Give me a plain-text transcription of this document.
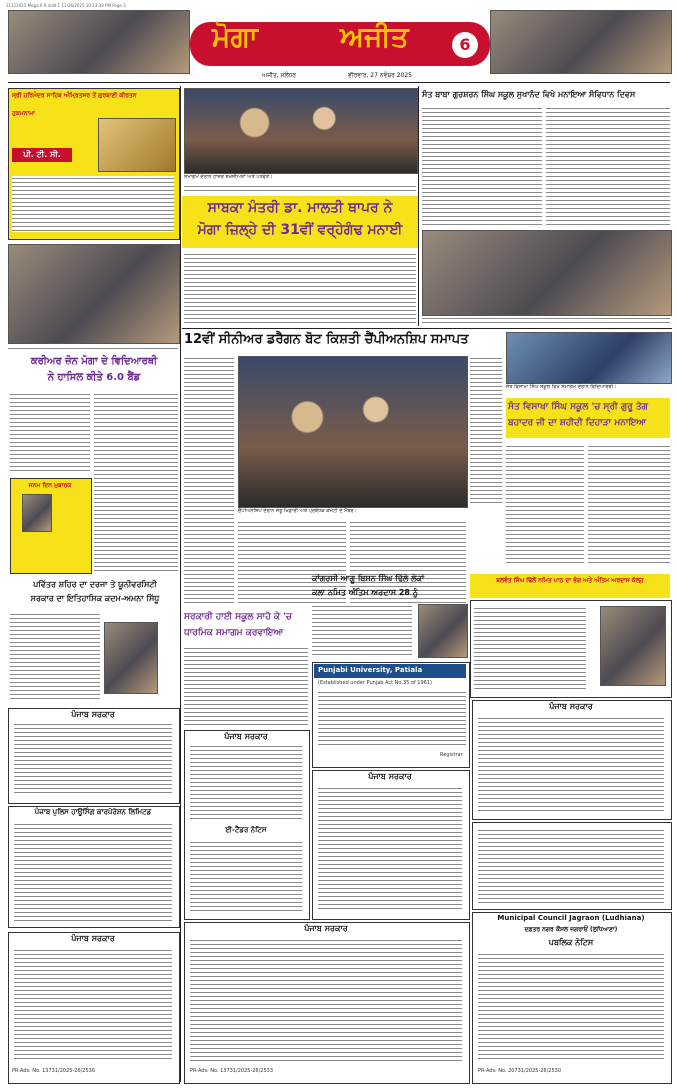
31112025 Moga-6 R.indd 1 11/26/2025 10:13:38 PM Page 3
ਮੋਗਾ	ਅਜੀਤ	6
ਅਜੀਤ, ਜਲੰਧਰ	ਵੀਰਵਾਰ, 27 ਨਵੰਬਰ 2025
ਸ੍ਰੀ ਹਰਿਮੰਦਰ ਸਾਹਿਬ ਅੰਮ੍ਰਿਤਸਰ ਤੋਂ ਗੁਰਬਾਣੀ ਕੀਰਤਨ
ਹੁਕਮਨਾਮਾ
ਪੀ. ਟੀ. ਸੀ.
ਕਰੀਅਰ ਜ਼ੋਨ ਮੋਗਾ ਦੇ ਵਿਦਿਆਰਥੀ
ਨੇ ਹਾਸਿਲ ਕੀਤੇ 6.0 ਬੈਂਡ
ਜਨਮ ਦਿਨ ਮੁਬਾਰਕ
ਪਵਿੱਤਰ ਸ਼ਹਿਰ ਦਾ ਦਰਜਾ ਤੇ ਯੂਨੀਵਰਸਿਟੀ
ਸਰਕਾਰ ਦਾ ਇਤਿਹਾਸਿਕ ਕਦਮ-ਅਮਨਾ ਸਿੱਧੂ
ਪੰਜਾਬ ਸਰਕਾਰ
ਪੰਜਾਬ ਪੁਲਿਸ ਹਾਊਸਿੰਗ ਕਾਰਪੋਰੇਸ਼ਨ ਲਿਮਿਟਡ
ਪੰਜਾਬ ਸਰਕਾਰ
PR-Adv. No. 13731/2025-26/2536
ਸਮਾਗਮ ਦੌਰਾਨ ਹਾਜ਼ਰ ਸ਼ਖ਼ਸੀਅਤਾਂ ਅਤੇ ਪਤਵੰਤੇ।
ਸਾਬਕਾ ਮੰਤਰੀ ਡਾ. ਮਾਲਤੀ ਥਾਪਰ ਨੇ
ਮੋਗਾ ਜ਼ਿਲ੍ਹੇ ਦੀ 31ਵੀਂ ਵਰ੍ਹੇਗੰਢ ਮਨਾਈ
ਸੰਤ ਬਾਬਾ ਗੁਰਸ਼ਰਨ ਸਿੰਘ ਸਕੂਲ ਸੁਖਾਨੰਦ ਵਿਖੇ ਮਨਾਇਆ ਸੰਵਿਧਾਨ ਦਿਵਸ
12ਵੀਂ ਸੀਨੀਅਰ ਡਰੈਗਨ ਬੋਟ ਕਿਸ਼ਤੀ ਚੈਂਪੀਅਨਸ਼ਿਪ ਸਮਾਪਤ
ਚੈਂਪੀਅਨਸ਼ਿਪ ਦੌਰਾਨ ਜੇਤੂ ਖਿਡਾਰੀ ਅਤੇ ਪ੍ਰਬੰਧਕ ਕਮੇਟੀ ਦੇ ਮੈਂਬਰ।
ਸੰਤ ਵਿਸਾਖਾ ਸਿੰਘ ਸਕੂਲ ਵਿਖੇ ਸਮਾਗਮ ਦੌਰਾਨ ਵਿਦਿਆਰਥੀ।
ਸੰਤ ਵਿਸਾਖਾ ਸਿੰਘ ਸਕੂਲ 'ਚ ਸ੍ਰੀ ਗੁਰੂ ਤੇਗ
ਬਹਾਦਰ ਜੀ ਦਾ ਸ਼ਹੀਦੀ ਦਿਹਾੜਾ ਮਨਾਇਆ
ਬਲਵੰਤ ਸਿੰਘ ਢਿੱਲੋਂ ਨਮਿਤ ਪਾਠ ਦਾ ਭੋਗ ਅਤੇ ਅੰਤਿਮ ਅਰਦਾਸ ਕੱਲ੍ਹ
ਕਾਂਗਰਸੀ ਆਗੂ ਬਿਸ਼ਨ ਸਿੰਘ ਢਿੱਲੋ ਲੋਕਾਂ
ਕਲਾ ਨਮਿਤ ਅੰਤਿਮ ਅਰਦਾਸ 28 ਨੂੰ
ਸਰਕਾਰੀ ਹਾਈ ਸਕੂਲ ਸਾਹੋ ਕੇ 'ਚ
ਧਾਰਮਿਕ ਸਮਾਗਮ ਕਰਵਾਇਆ
Punjabi University, Patiala
(Established under Punjab Act No.35 of 1961)
Registrar
ਪੰਜਾਬ ਸਰਕਾਰ
ਈ-ਟੈਂਡਰ ਨੋਟਿਸ
ਪੰਜਾਬ ਸਰਕਾਰ
PR-Adv. No. 13731/2025-26/2533
ਪੰਜਾਬ ਸਰਕਾਰ
ਪੰਜਾਬ ਸਰਕਾਰ
Municipal Council Jagraon (Ludhiana)
ਦਫ਼ਤਰ ਨਗਰ ਕੌਂਸਲ ਜਗਰਾਓਂ (ਲੁਧਿਆਣਾ)
ਪਬਲਿਕ ਨੋਟਿਸ
PR-Adv. No. 20731/2025-26/2530
